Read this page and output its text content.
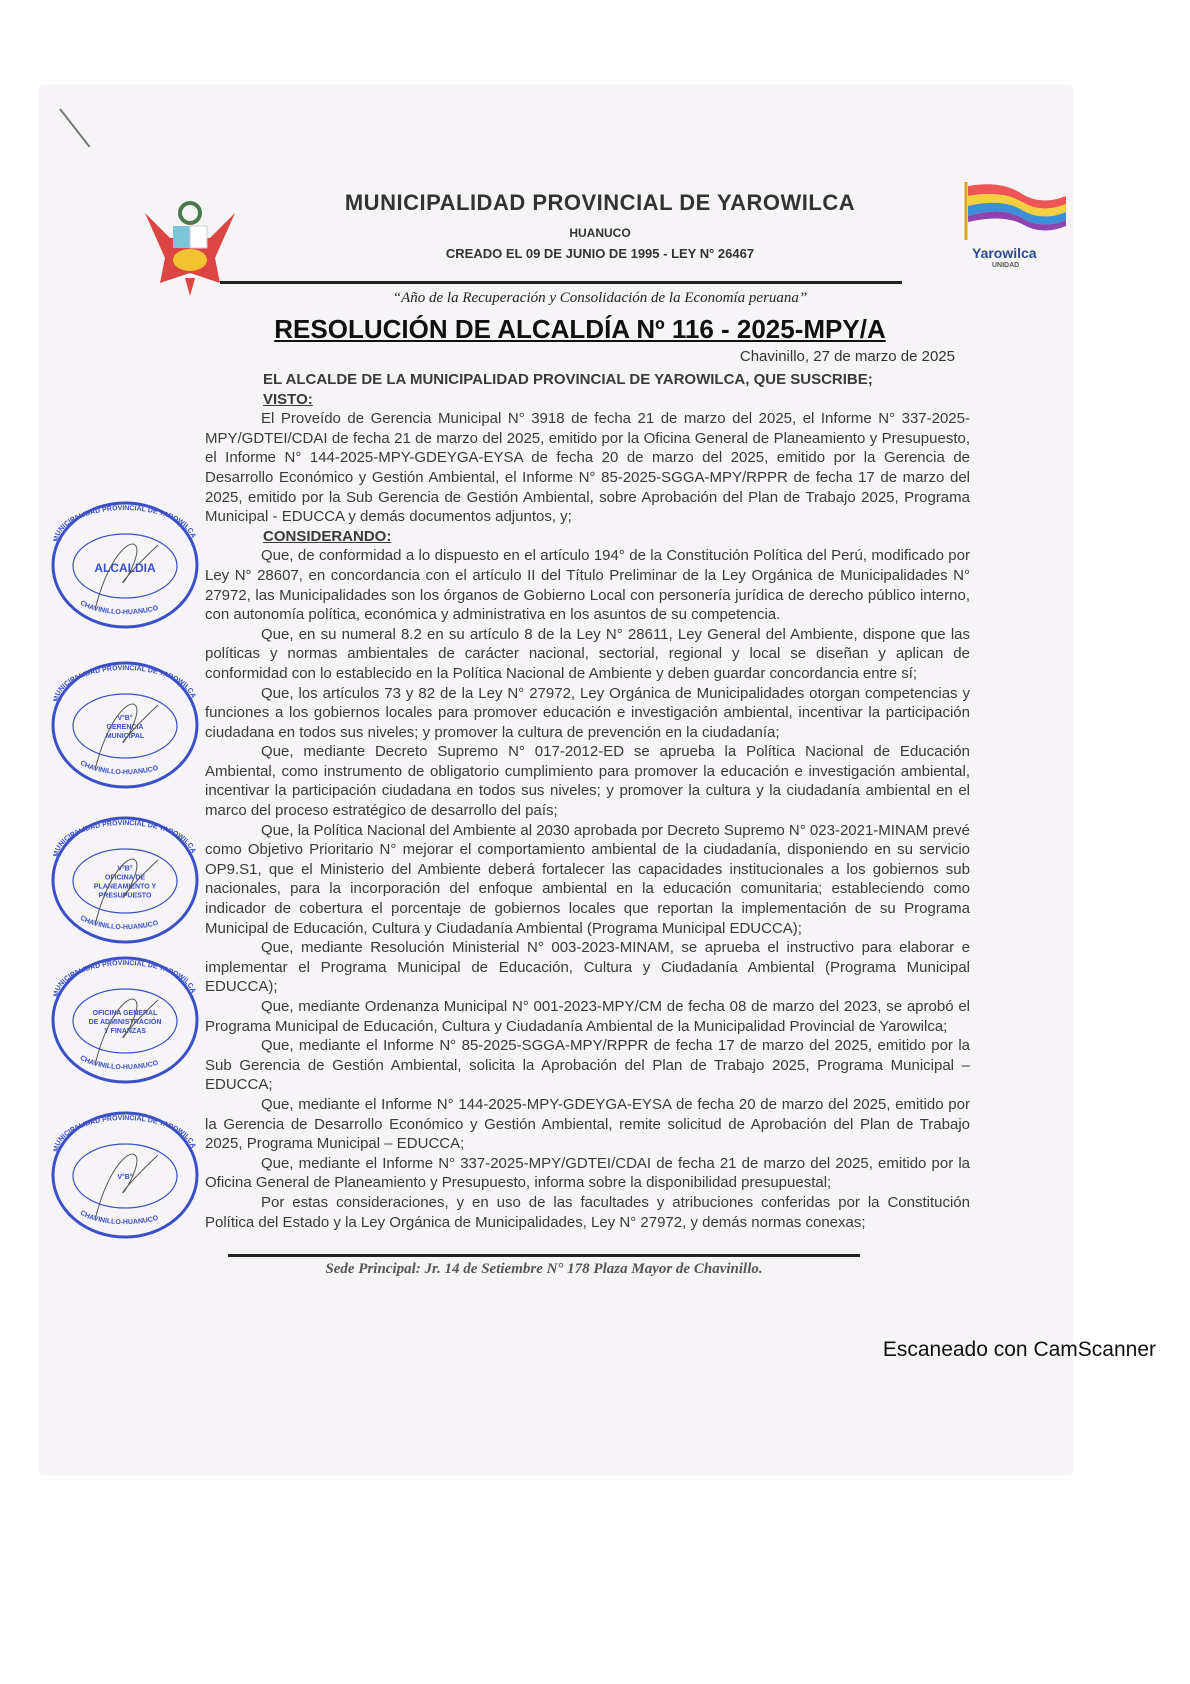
Yarowilca
UNIDAD
MUNICIPALIDAD PROVINCIAL DE YAROWILCA
HUANUCO
CREADO EL 09 DE JUNIO DE 1995 - LEY N° 26467
“Año de la Recuperación y Consolidación de la Economía peruana”
RESOLUCIÓN DE ALCALDÍA Nº 116 - 2025-MPY/A
Chavinillo, 27 de marzo de 2025

EL ALCALDE DE LA MUNICIPALIDAD PROVINCIAL DE YAROWILCA, QUE SUSCRIBE;

VISTO:

El Proveído de Gerencia Municipal N° 3918 de fecha 21 de marzo del 2025, el Informe N° 337-2025-MPY/GDTEI/CDAI de fecha 21 de marzo del 2025, emitido por la Oficina General de Planeamiento y Presupuesto, el Informe N° 144-2025-MPY-GDEYGA-EYSA de fecha 20 de marzo del 2025, emitido por la Gerencia de Desarrollo Económico y Gestión Ambiental, el Informe N° 85-2025-SGGA-MPY/RPPR de fecha 17 de marzo del 2025, emitido por la Sub Gerencia de Gestión Ambiental, sobre Aprobación del Plan de Trabajo 2025, Programa Municipal - EDUCCA y demás documentos adjuntos, y;

CONSIDERANDO:

Que, de conformidad a lo dispuesto en el artículo 194° de la Constitución Política del Perú, modificado por Ley N° 28607, en concordancia con el artículo II del Título Preliminar de la Ley Orgánica de Municipalidades N° 27972, las Municipalidades son los órganos de Gobierno Local con personería jurídica de derecho público interno, con autonomía política, económica y administrativa en los asuntos de su competencia.

Que, en su numeral 8.2 en su artículo 8 de la Ley N° 28611, Ley General del Ambiente, dispone que las políticas y normas ambientales de carácter nacional, sectorial, regional y local se diseñan y aplican de conformidad con lo establecido en la Política Nacional de Ambiente y deben guardar concordancia entre sí;

Que, los artículos 73 y 82 de la Ley N° 27972, Ley Orgánica de Municipalidades otorgan competencias y funciones a los gobiernos locales para promover educación e investigación ambiental, incentivar la participación ciudadana en todos sus niveles; y promover la cultura de prevención en la ciudadanía;

Que, mediante Decreto Supremo N° 017-2012-ED se aprueba la Política Nacional de Educación Ambiental, como instrumento de obligatorio cumplimiento para promover la educación e investigación ambiental, incentivar la participación ciudadana en todos sus niveles; y promover la cultura y la ciudadanía ambiental en el marco del proceso estratégico de desarrollo del país;

Que, la Política Nacional del Ambiente al 2030 aprobada por Decreto Supremo N° 023-2021-MINAM prevé como Objetivo Prioritario N° mejorar el comportamiento ambiental de la ciudadanía, disponiendo en su servicio OP9.S1, que el Ministerio del Ambiente deberá fortalecer las capacidades institucionales a los gobiernos sub nacionales, para la incorporación del enfoque ambiental en la educación comunitaria; estableciendo como indicador de cobertura el porcentaje de gobiernos locales que reportan la implementación de su Programa Municipal de Educación, Cultura y Ciudadanía Ambiental (Programa Municipal EDUCCA);

Que, mediante Resolución Ministerial N° 003-2023-MINAM, se aprueba el instructivo para elaborar e implementar el Programa Municipal de Educación, Cultura y Ciudadanía Ambiental (Programa Municipal EDUCCA);

Que, mediante Ordenanza Municipal N° 001-2023-MPY/CM de fecha 08 de marzo del 2023, se aprobó el Programa Municipal de Educación, Cultura y Ciudadanía Ambiental de la Municipalidad Provincial de Yarowilca;

Que, mediante el Informe N° 85-2025-SGGA-MPY/RPPR de fecha 17 de marzo del 2025, emitido por la Sub Gerencia de Gestión Ambiental, solicita la Aprobación del Plan de Trabajo 2025, Programa Municipal – EDUCCA;

Que, mediante el Informe N° 144-2025-MPY-GDEYGA-EYSA de fecha 20 de marzo del 2025, emitido por la Gerencia de Desarrollo Económico y Gestión Ambiental, remite solicitud de Aprobación del Plan de Trabajo 2025, Programa Municipal – EDUCCA;

Que, mediante el Informe N° 337-2025-MPY/GDTEI/CDAI de fecha 21 de marzo del 2025, emitido por la Oficina General de Planeamiento y Presupuesto, informa sobre la disponibilidad presupuestal;

Por estas consideraciones, y en uso de las facultades y atribuciones conferidas por la Constitución Política del Estado y la Ley Orgánica de Municipalidades, Ley N° 27972, y demás normas conexas;

Sede Principal: Jr. 14 de Setiembre N° 178 Plaza Mayor de Chavinillo.
Escaneado con CamScanner
MUNICIPALIDAD PROVINCIAL DE YAROWILCA
CHAVINILLO-HUANUCO
ALCALDIA
MUNICIPALIDAD PROVINCIAL DE YAROWILCA
CHAVINILLO-HUANUCO
V°B°
GERENCIA
MUNICIPAL
MUNICIPALIDAD PROVINCIAL DE YAROWILCA
CHAVINILLO-HUANUCO
V°B°
OFICINA DE
PLANEAMIENTO Y
PRESUPUESTO
MUNICIPALIDAD PROVINCIAL DE YAROWILCA
CHAVINILLO-HUANUCO
OFICINA GENERAL
DE ADMINISTRACIÓN
Y FINANZAS
MUNICIPALIDAD PROVINCIAL DE YAROWILCA
CHAVINILLO-HUANUCO
V°B°
